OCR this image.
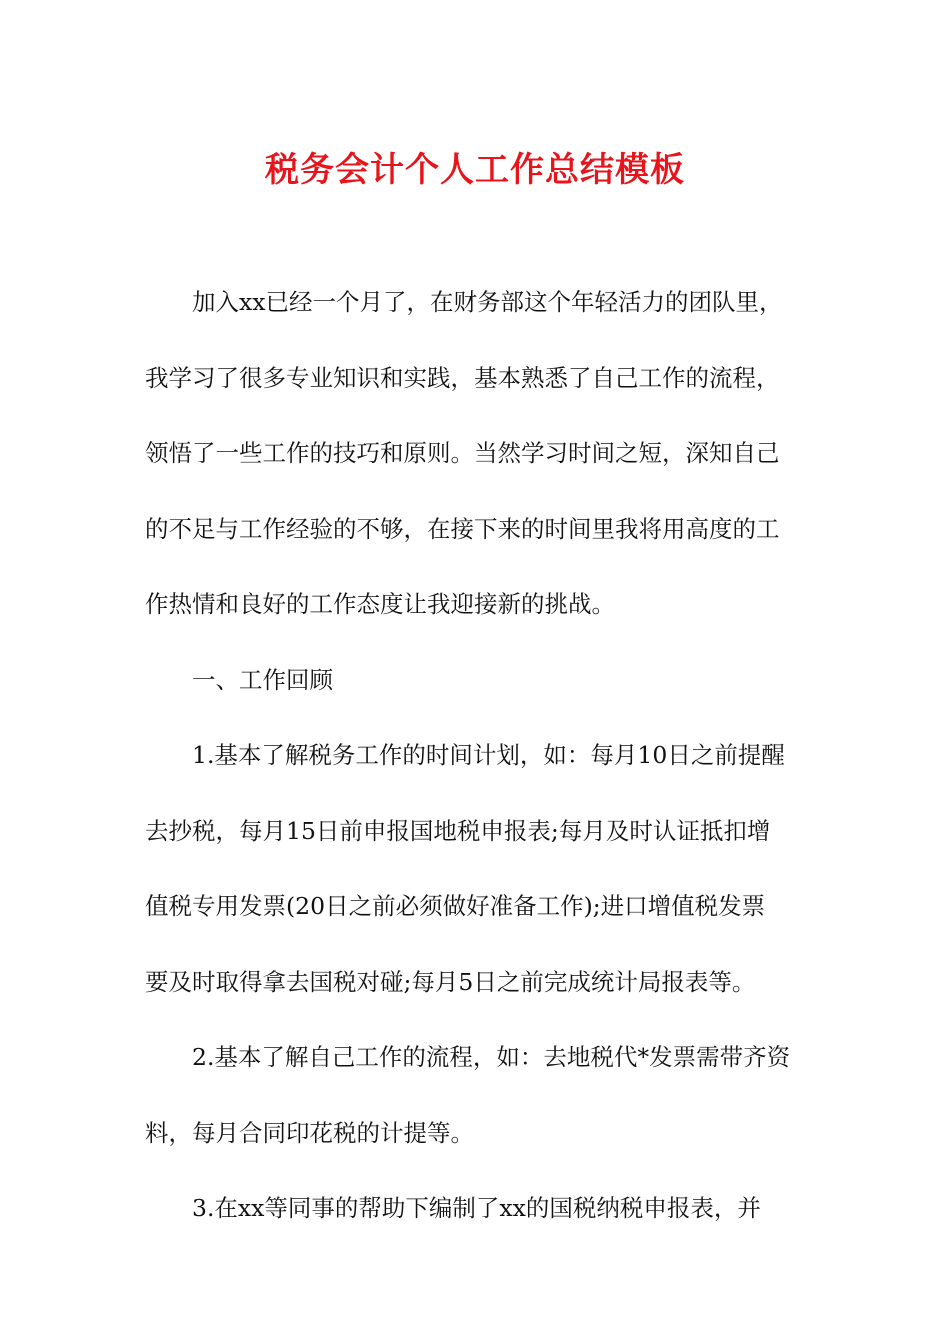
税务会计个人工作总结模板
加入xx已经一个月了，在财务部这个年轻活力的团队里，
我学习了很多专业知识和实践，基本熟悉了自己工作的流程，
领悟了一些工作的技巧和原则。当然学习时间之短，深知自己
的不足与工作经验的不够，在接下来的时间里我将用高度的工
作热情和良好的工作态度让我迎接新的挑战。
一、工作回顾
1.基本了解税务工作的时间计划，如：每月10日之前提醒
去抄税，每月15日前申报国地税申报表;每月及时认证抵扣增
值税专用发票(20日之前必须做好准备工作);进口增值税发票
要及时取得拿去国税对碰;每月5日之前完成统计局报表等。
2.基本了解自己工作的流程，如：去地税代*发票需带齐资
料，每月合同印花税的计提等。
3.在xx等同事的帮助下编制了xx的国税纳税申报表，并
